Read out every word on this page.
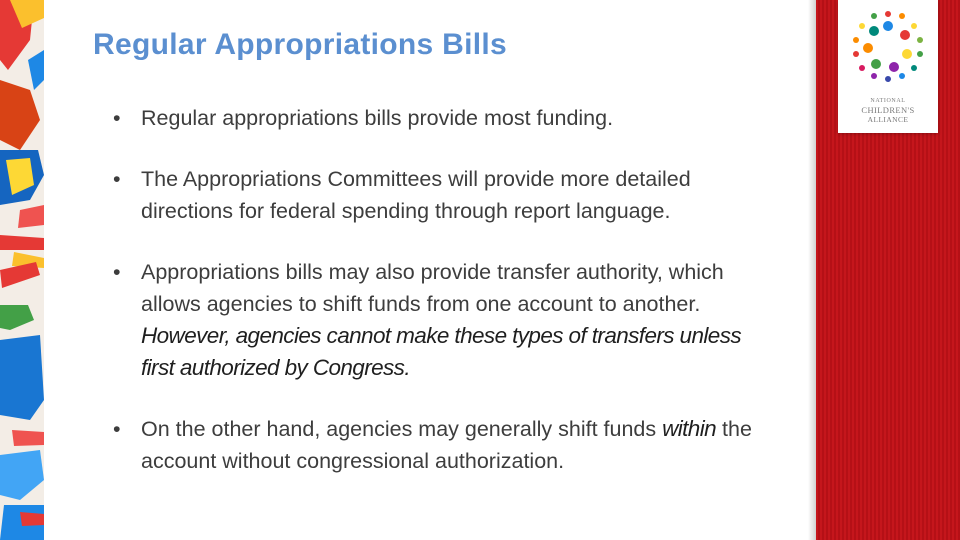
Regular Appropriations Bills
• Regular appropriations bills provide most funding.
• The Appropriations Committees will provide more detailed directions for federal spending through report language.
• Appropriations bills may also provide transfer authority, which allows agencies to shift funds from one account to another. However, agencies cannot make these types of transfers unless first authorized by Congress.
• On the other hand, agencies may generally shift funds within the account without congressional authorization.
NATIONAL
CHILDREN'S
ALLIANCE
